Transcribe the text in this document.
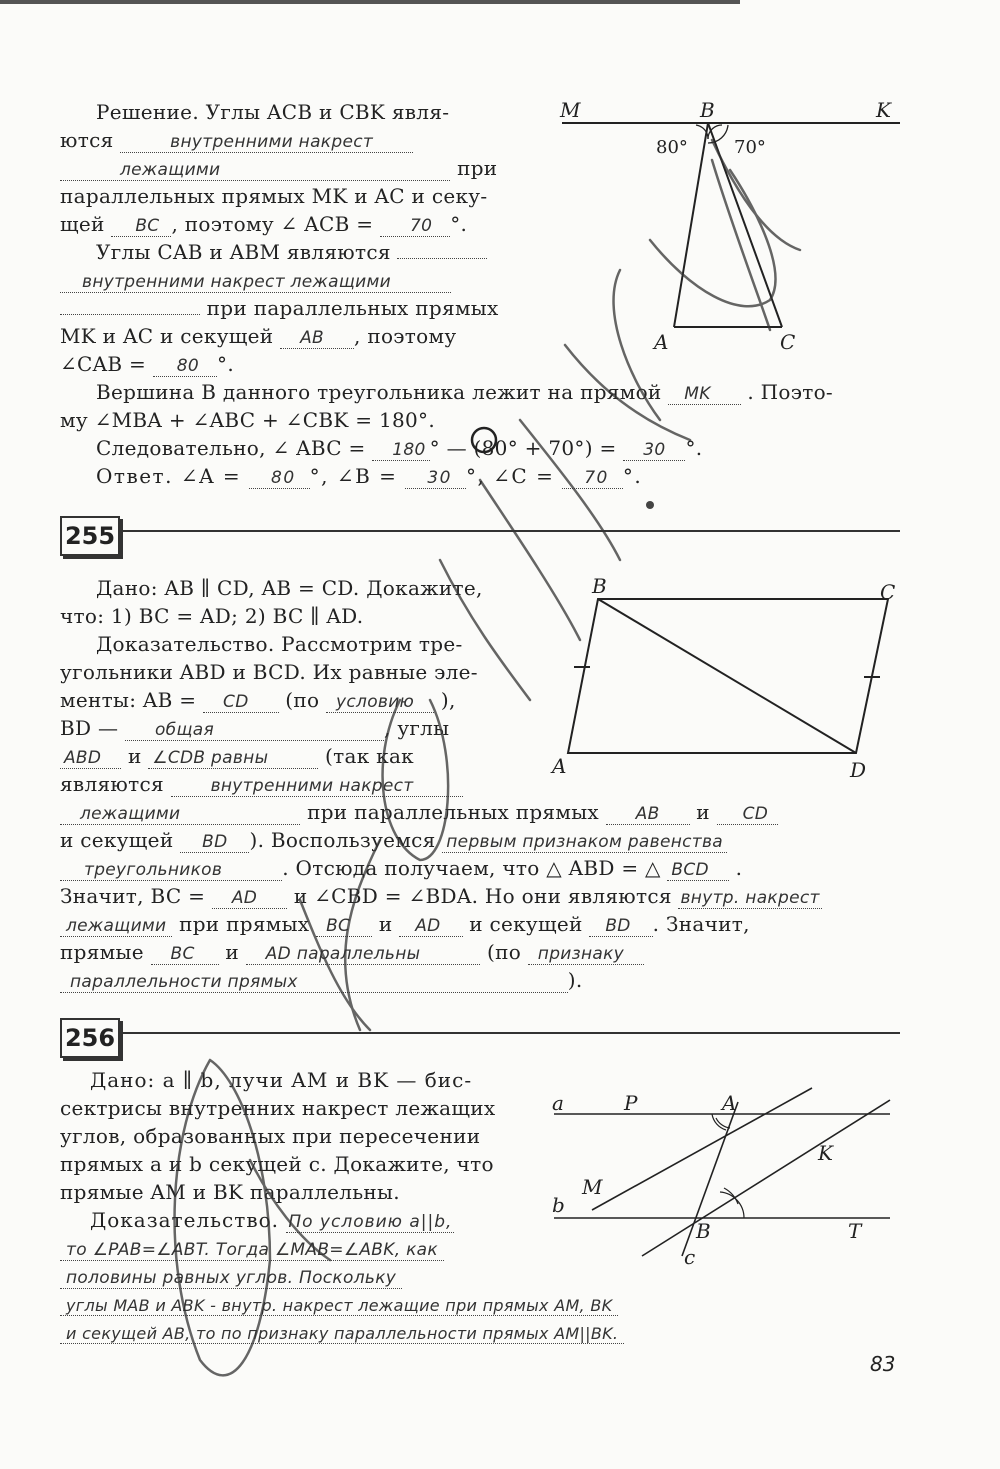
M	B	K
80°	70°
A	C
Решение. Углы ACB и CBK явля-
ются	внутренними накрест
лежащими	при
параллельных прямых MK и AC и секу-
щей BC , поэтому ∠ ACB = 70 °.
Углы CAB и ABM являются
внутренними накрест лежащими
при параллельных прямых
MK и AC и секущей AB , поэтому
∠CAB = 80 °.
Вершина B данного треугольника лежит на прямой MK . Поэто-
му ∠MBA + ∠ABC + ∠CBK = 180°.
Следовательно, ∠ ABC = 180 ° — (80° + 70°) = 30 °.
Ответ. ∠A = 80 °, ∠B = 30 °, ∠C = 70 °.
255
B	C
A	D
Дано: AB ∥ CD, AB = CD. Докажите,
что: 1) BC = AD; 2) BC ∥ AD.
Доказательство. Рассмотрим тре-
угольники ABD и BCD. Их равные эле-
менты: AB = CD (по условию ),
BD — общая	, углы
ABD и ∠CDB равны	(так как
являются	внутренними накрест
лежащими	при параллельных прямых AB и CD
и секущей BD ). Воспользуемся первым признаком равенства
треугольников	. Отсюда получаем, что △ ABD = △ BCD .
Значит, BC = AD и ∠CBD = ∠BDA. Но они являются внутр. накрест
лежащими при прямых BC и AD и секущей BD . Значит,
прямые BC и AD параллельны	(по признаку
параллельности прямых	).
256
a	P	A
K
M
b
B	T
c
Дано: a ∥ b, лучи AM и BK — бис-
сектрисы внутренних накрест лежащих
углов, образованных при пересечении
прямых a и b секущей c. Докажите, что
прямые AM и BK параллельны.
Доказательство. По условию a||b,
то ∠PAB=∠ABT. Тогда ∠MAB=∠ABK, как
половины равных углов. Поскольку
углы MAB и ABK - внутр. накрест лежащие при прямых AM, BK
и секущей AB, то по признаку параллельности прямых AM||BK.
83
